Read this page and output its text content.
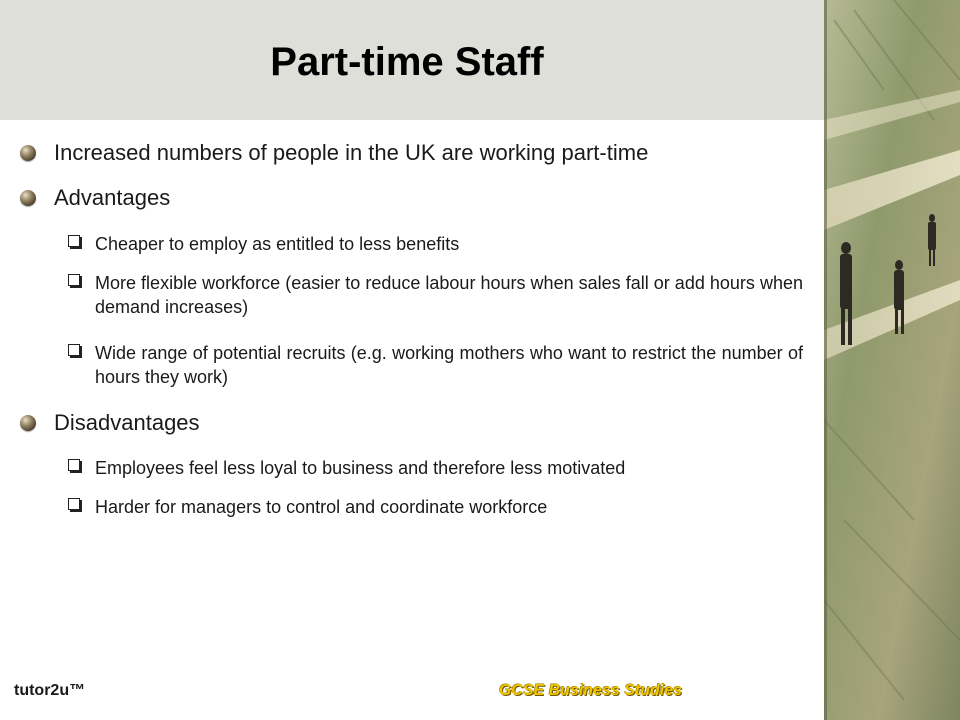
Part-time Staff
Increased numbers of people in the UK are working part-time
Advantages
Cheaper to employ as entitled to less benefits
More flexible workforce (easier to reduce labour hours when sales fall or add hours when demand increases)
Wide range of potential recruits (e.g. working mothers who want to restrict the number of hours they work)
Disadvantages
Employees feel less loyal to business and therefore less motivated
Harder for managers to control and coordinate workforce
tutor2u™	GCSE Business Studies
